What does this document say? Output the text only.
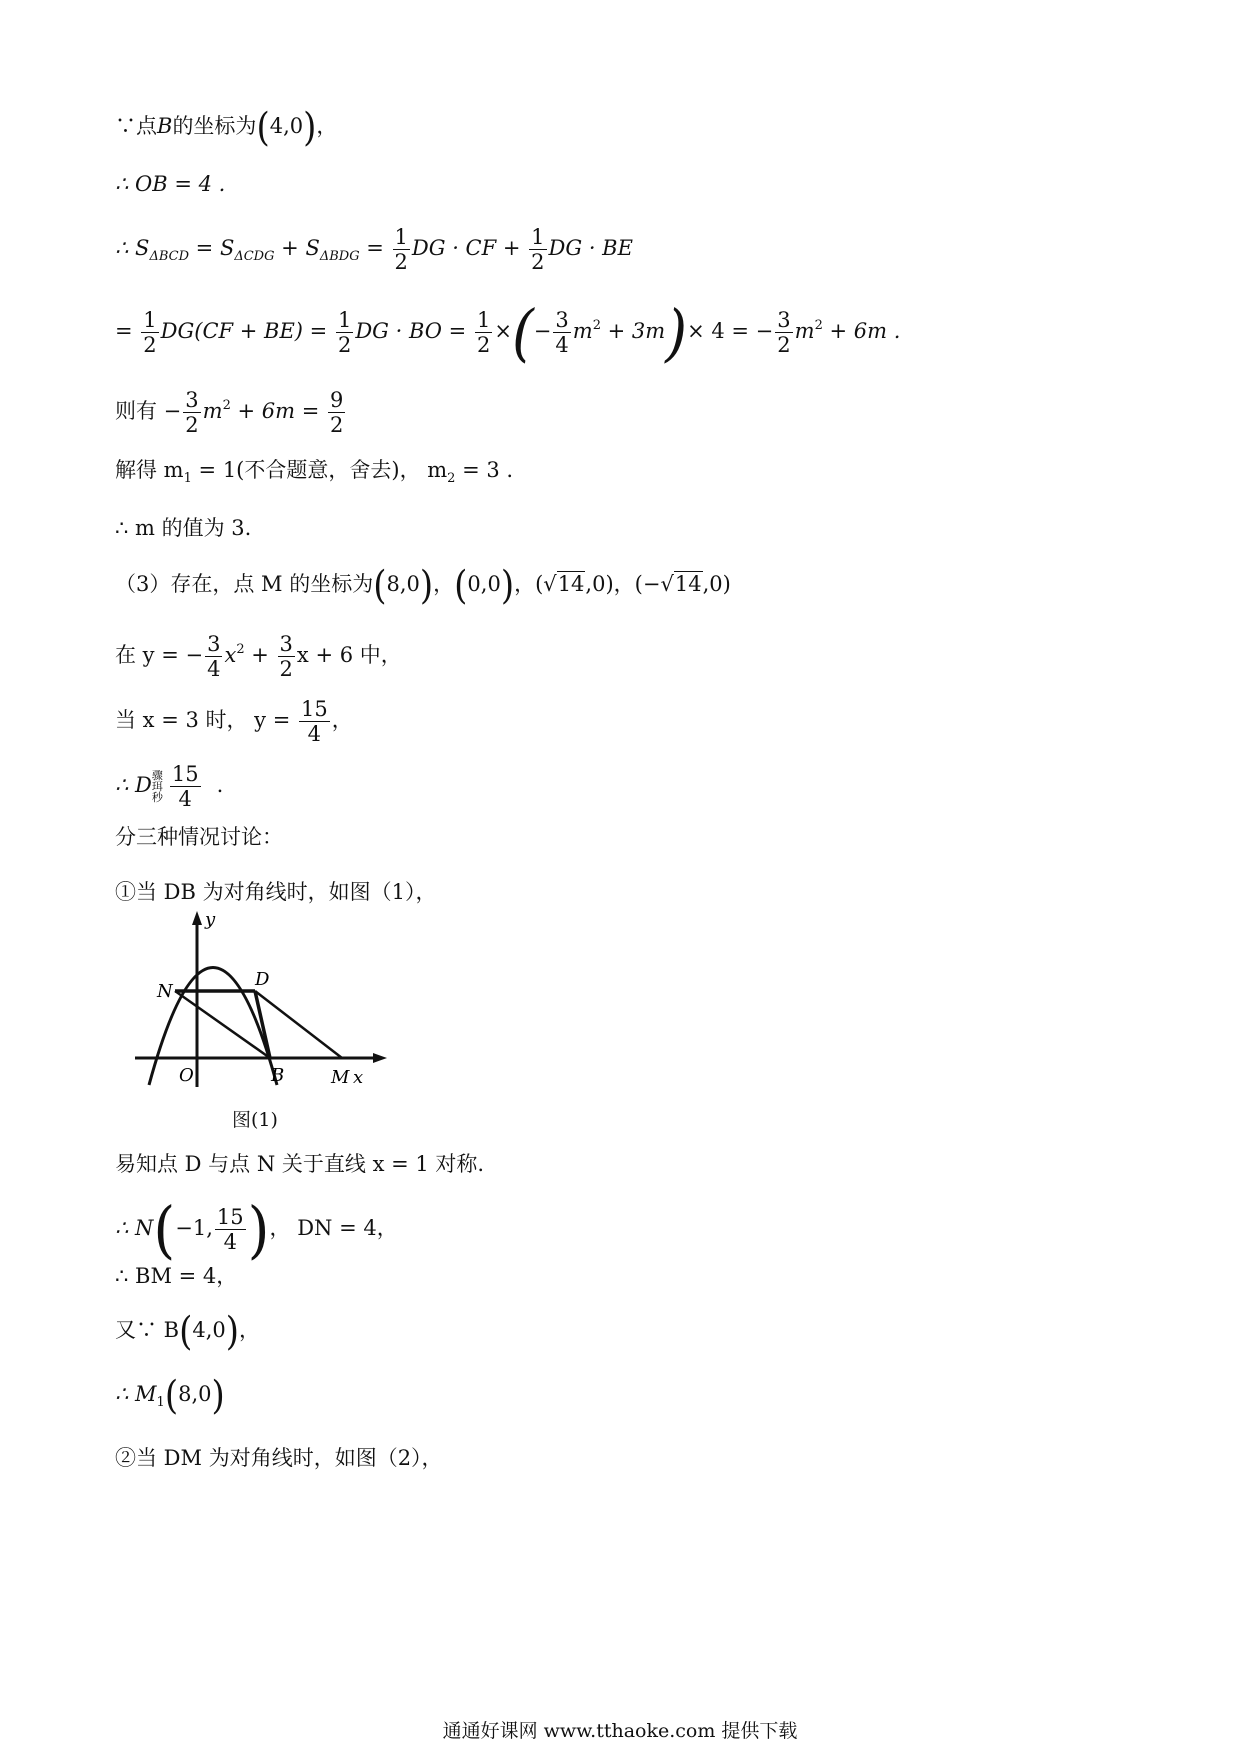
∵点B的坐标为(4,0)，
∴ OB = 4 .
∴ $S_{\Delta BCD} = S_{\Delta CDG} + S_{\Delta BDG} = \frac{1}{2}$ DG · CF + $\frac{1}{2}$ DG · BE
= $\frac{1}{2} DG(CF + BE) = \frac{1}{2}$ DG · BO = $\frac{1}{2}$ ×(− $\frac{3}{4} m^2 + 3m)\times 4$ = − $\frac{3}{2} m^2 + 6m$ .
则有 − $\frac{3}{2} m^2 + 6m = \frac{9}{2}$
解得 $m_1 = 1$(不合题意，舍去)， $m_2 = 3$ .
∴ m 的值为 3.
（3）存在，点 M 的坐标为(8,0)，(0,0)，(√14,0)，(−√14,0)
在 y = − $\frac{3}{4} x^2 + \frac{3}{2}$ x + 6 中，
当 x = 3 时， $y = \frac{15}{4}$ ，
∴ D骤
珥
秒 $\frac{15}{4}$ .
分三种情况讨论：
①当 DB 为对角线时，如图（1），
y
x
N
D
O	B	M
图(1)
易知点 D 与点 N 关于直线 x = 1 对称.
∴ N(−1, $\frac{15}{4}$ )， DN = 4，
∴ BM = 4，
又∵ B(4,0)，
∴ $M_1(8,0)$
②当 DM 为对角线时，如图（2），
通通好课网 www.tthaoke.com 提供下载
